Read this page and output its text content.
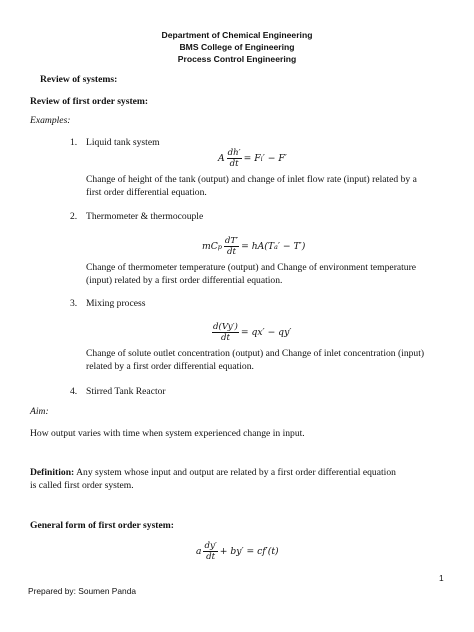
Department of Chemical Engineering
BMS College of Engineering
Process Control Engineering
Review of systems:
Review of first order system:
Examples:
1. Liquid tank system
A $\frac{dh'}{dt} = F$ i ′ − F′
Change of height of the tank (output) and change of inlet flow rate (input) related by a
first order differential equation.
2. Thermometer & thermocouple
mC p $\frac{dT'}{dt} = hA(T$ a ′ − T′)
Change of thermometer temperature (output) and Change of environment temperature
(input) related by a first order differential equation.
3. Mixing process
$\frac{d(Vy')}{dt} = qx' - qy'$
Change of solute outlet concentration (output) and Change of inlet concentration (input)
related by a first order differential equation.
4. Stirred Tank Reactor
Aim:
How output varies with time when system experienced change in input.
Definition: Any system whose input and output are related by a first order differential equation
is called first order system.
General form of first order system:
a $\frac{dy'}{dt} + by' = cf'(t)$
1
Prepared by: Soumen Panda
